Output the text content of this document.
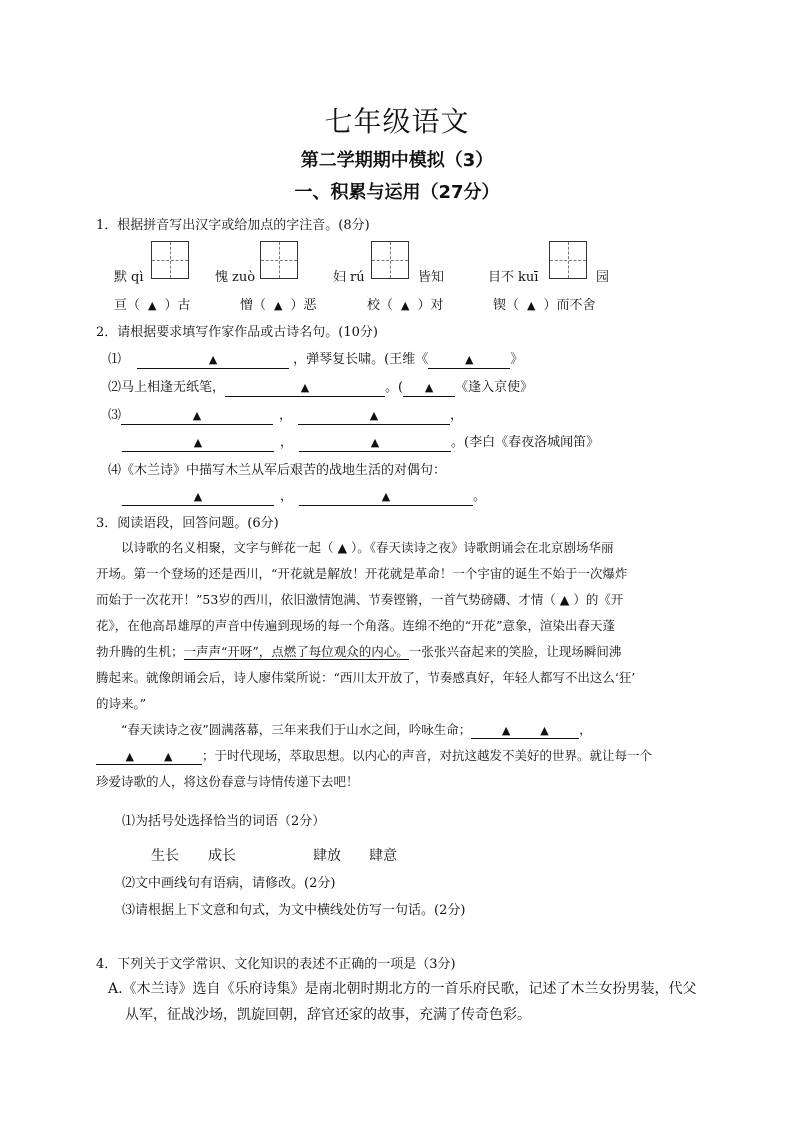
七年级语文
第二学期期中模拟（3）
一、积累与运用（27分）
1．根据拼音写出汉字或给加点的字注音。(8分)
默 qì	愧 zuò	妇 rú	皆知	目不 kuī	园
亘（ ▲ ）古	憎（ ▲ ）恶	校（ ▲ ）对	锲（ ▲ ）而不舍
2．请根据要求填写作家作品或古诗名句。(10分)
⑴	▲	，弹琴复长啸。(王维《	▲	》
⑵马上相逢无纸笔，	▲	。( ▲ 《逢入京使》
⑶	▲	，	▲	，
▲	，	▲	。(李白《春夜洛城闻笛》
⑷《木兰诗》中描写木兰从军后艰苦的战地生活的对偶句：
▲	，	▲	。
3．阅读语段，回答问题。(6分)
以诗歌的名义相聚，文字与鲜花一起（ ▲ ）。《春天读诗之夜》诗歌朗诵会在北京剧场华丽
开场。第一个登场的还是西川，“开花就是解放！开花就是革命！一个宇宙的诞生不始于一次爆炸
而始于一次花开！”53岁的西川，依旧激情饱满、节奏铿锵，一首气势磅礴、才情（ ▲ ）的《开
花》，在他高昂雄厚的声音中传遍到现场的每一个角落。连绵不绝的“开花”意象，渲染出春天蓬
勃升腾的生机；一声声“开呀”，点燃了每位观众的内心。一张张兴奋起来的笑脸，让现场瞬间沸
腾起来。就像朗诵会后，诗人廖伟棠所说：“西川太开放了，节奏感真好，年轻人都写不出这么‘狂’
的诗来。”
“春天读诗之夜”圆满落幕，三年来我们于山水之间，吟咏生命；	▲	▲ ，
▲	▲ ；于时代现场，萃取思想。以内心的声音，对抗这越发不美好的世界。就让每一个
珍爱诗歌的人，将这份春意与诗情传递下去吧！
⑴为括号处选择恰当的词语（2分）
生长 成长	肆放 肆意
⑵文中画线句有语病，请修改。(2分)
⑶请根据上下文意和句式，为文中横线处仿写一句话。(2分)
4．下列关于文学常识、文化知识的表述不正确的一项是（3分)
A.《木兰诗》选自《乐府诗集》是南北朝时期北方的一首乐府民歌，记述了木兰女扮男装，代父
从军，征战沙场，凯旋回朝，辞官还家的故事，充满了传奇色彩。
